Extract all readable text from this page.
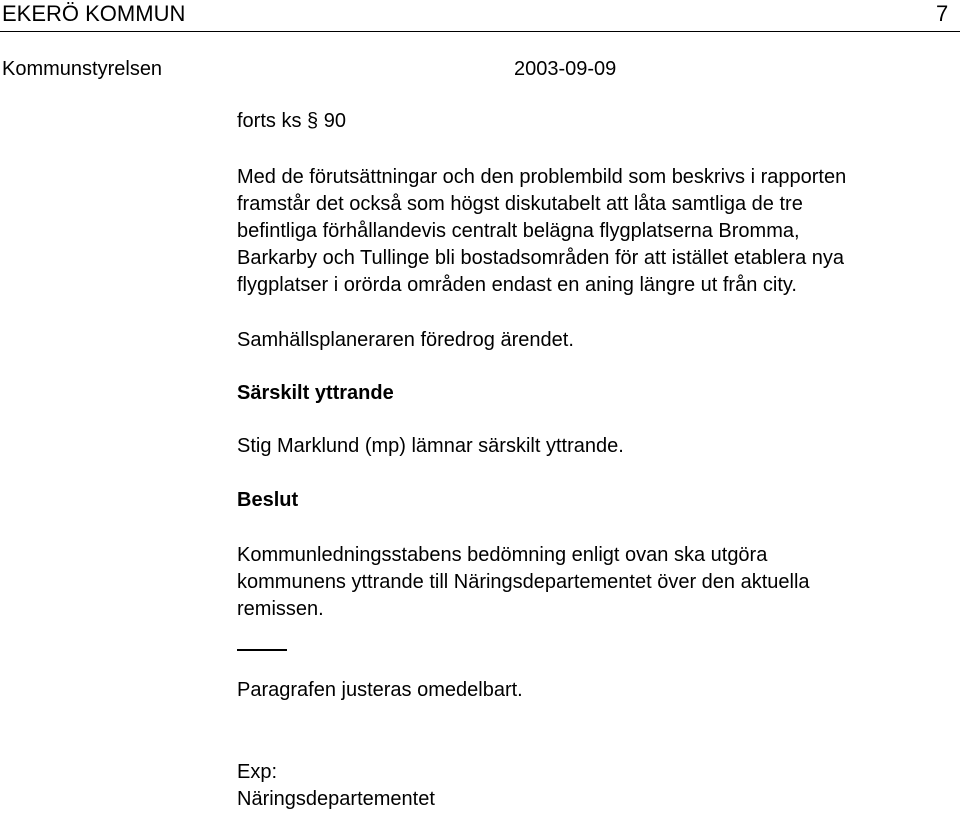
EKERÖ KOMMUN	7
Kommunstyrelsen	2003-09-09
forts ks § 90
Med de förutsättningar och den problembild som beskrivs i rapporten
framstår det också som högst diskutabelt att låta samtliga de tre
befintliga förhållandevis centralt belägna flygplatserna Bromma,
Barkarby och Tullinge bli bostadsområden för att istället etablera nya
flygplatser i orörda områden endast en aning längre ut från city.
Samhällsplaneraren föredrog ärendet.
Särskilt yttrande
Stig Marklund (mp) lämnar särskilt yttrande.
Beslut
Kommunledningsstabens bedömning enligt ovan ska utgöra
kommunens yttrande till Näringsdepartementet över den aktuella
remissen.
Paragrafen justeras omedelbart.
Exp:
Näringsdepartementet
